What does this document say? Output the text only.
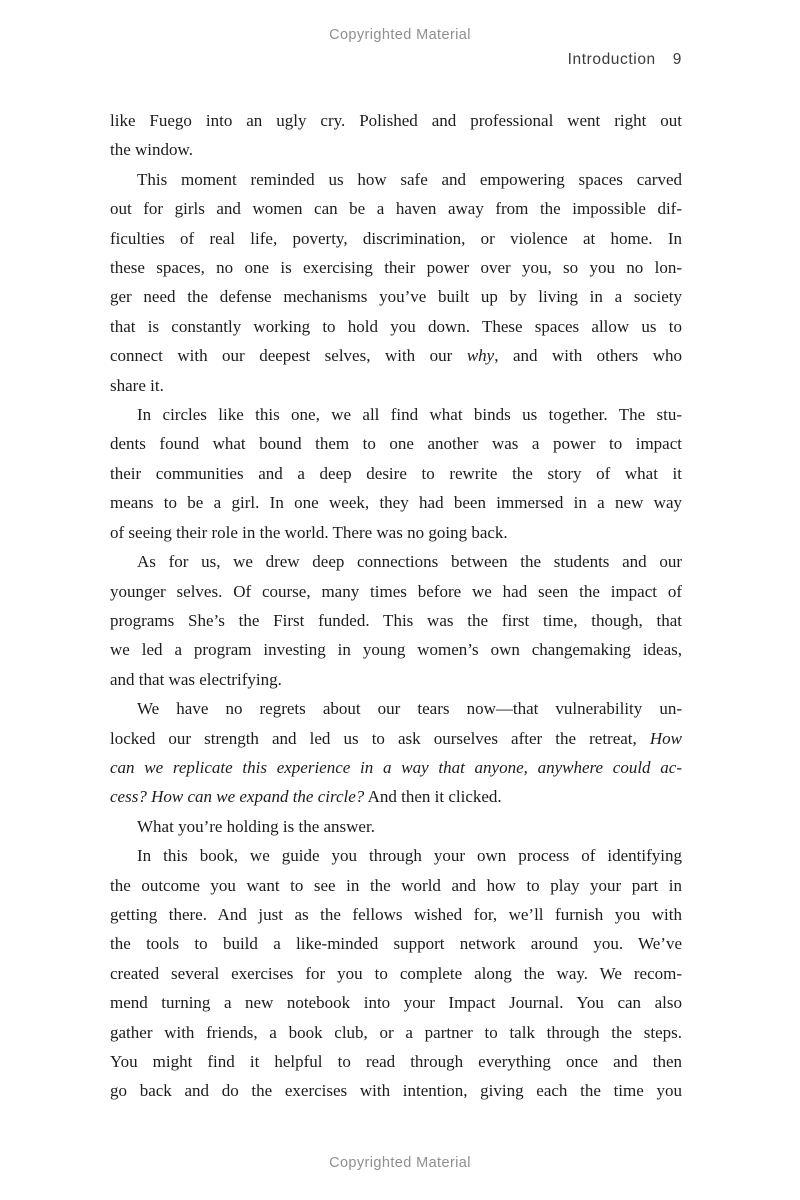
Copyrighted Material
Introduction 9
like Fuego into an ugly cry. Polished and professional went right out
the window.
This moment reminded us how safe and empowering spaces carved
out for girls and women can be a haven away from the impossible dif-
ficulties of real life, poverty, discrimination, or violence at home. In
these spaces, no one is exercising their power over you, so you no lon-
ger need the defense mechanisms you’ve built up by living in a society
that is constantly working to hold you down. These spaces allow us to
connect with our deepest selves, with our why, and with others who
share it.
In circles like this one, we all find what binds us together. The stu-
dents found what bound them to one another was a power to impact
their communities and a deep desire to rewrite the story of what it
means to be a girl. In one week, they had been immersed in a new way
of seeing their role in the world. There was no going back.
As for us, we drew deep connections between the students and our
younger selves. Of course, many times before we had seen the impact of
programs She’s the First funded. This was the first time, though, that
we led a program investing in young women’s own changemaking ideas,
and that was electrifying.
We have no regrets about our tears now—that vulnerability un-
locked our strength and led us to ask ourselves after the retreat, How
can we replicate this experience in a way that anyone, anywhere could ac-
cess? How can we expand the circle? And then it clicked.
What you’re holding is the answer.
In this book, we guide you through your own process of identifying
the outcome you want to see in the world and how to play your part in
getting there. And just as the fellows wished for, we’ll furnish you with
the tools to build a like-minded support network around you. We’ve
created several exercises for you to complete along the way. We recom-
mend turning a new notebook into your Impact Journal. You can also
gather with friends, a book club, or a partner to talk through the steps.
You might find it helpful to read through everything once and then
go back and do the exercises with intention, giving each the time you
Copyrighted Material
